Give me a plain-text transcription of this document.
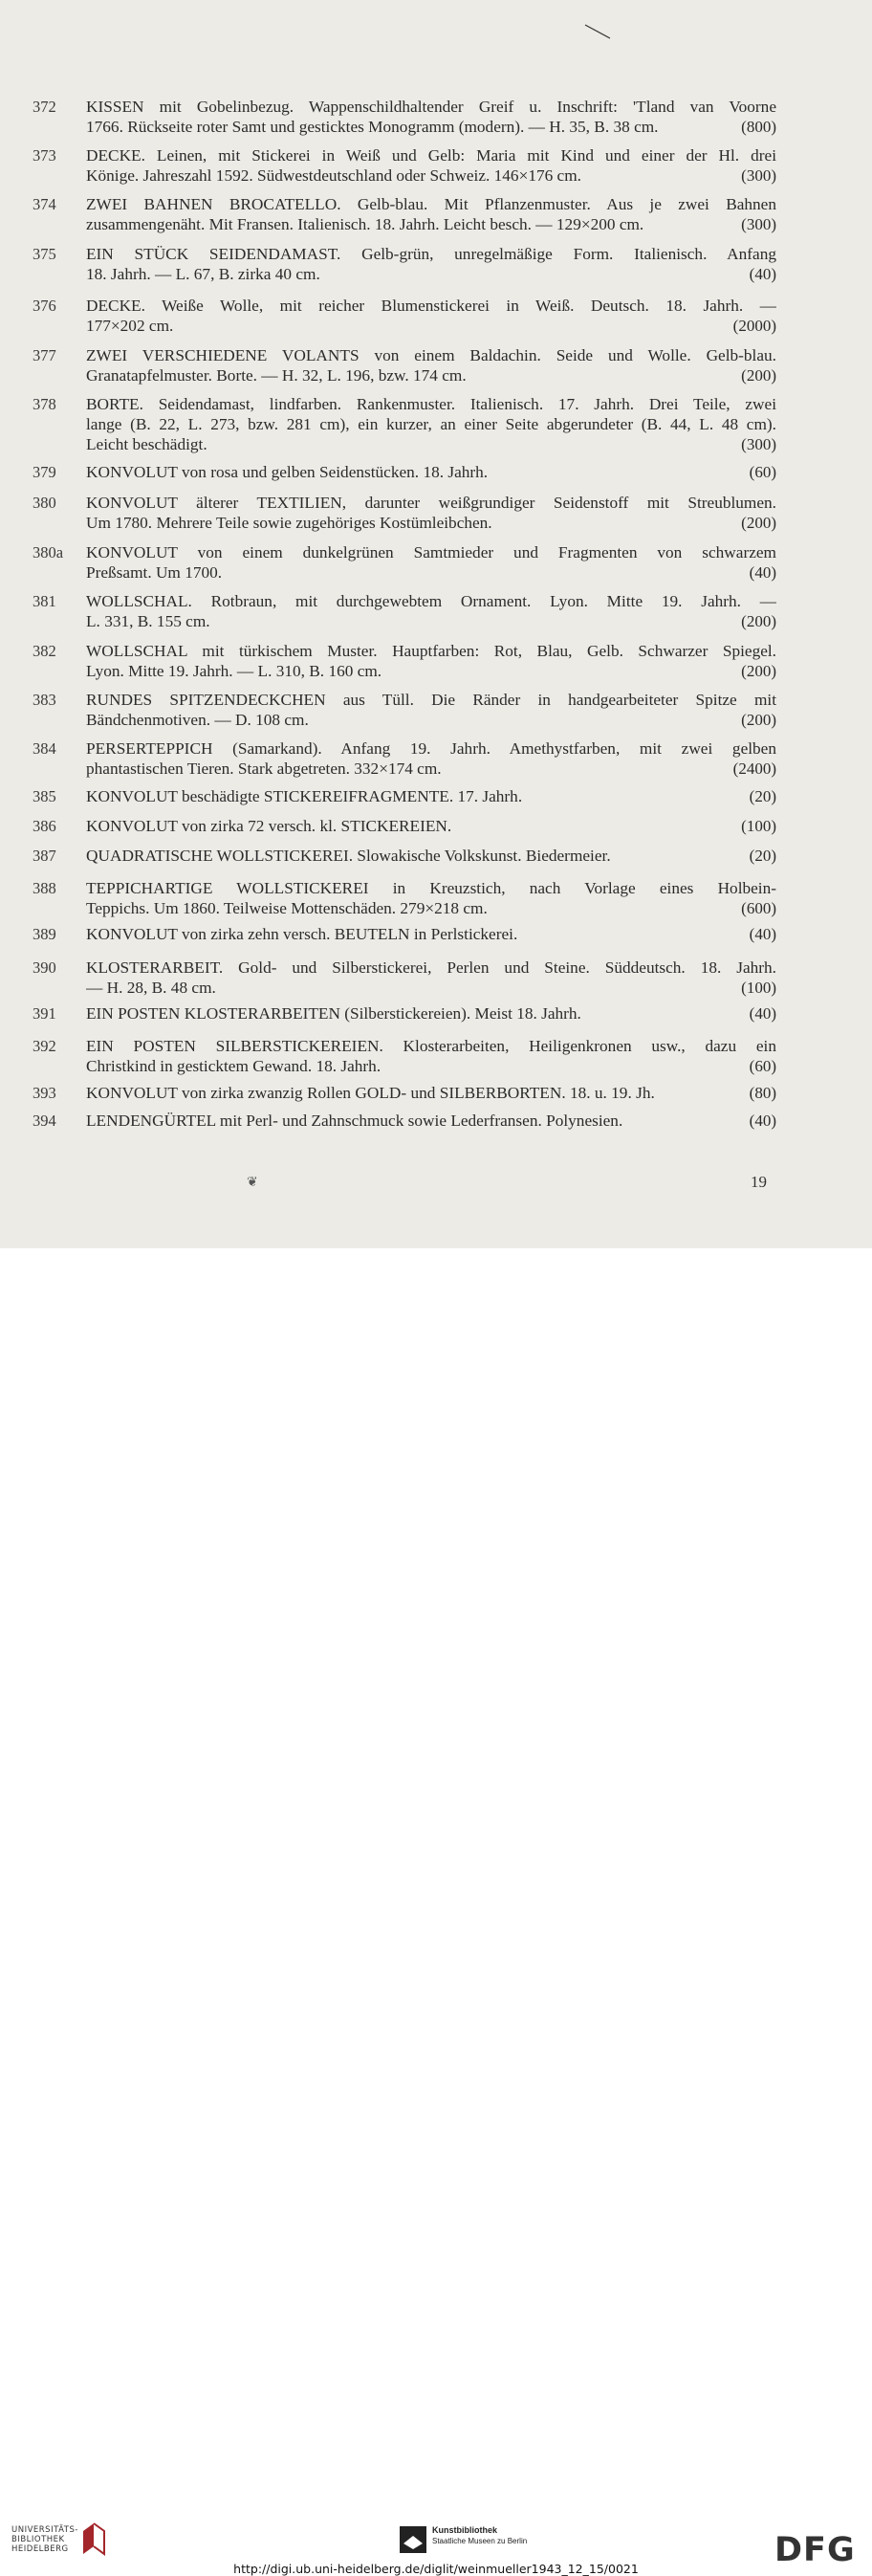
372	KISSEN mit Gobelinbezug. Wappenschildhaltender Greif u. Inschrift: 'Tland van Voorne
1766. Rückseite roter Samt und gesticktes Monogramm (modern). — H. 35, B. 38 cm.	(800)
373	DECKE. Leinen, mit Stickerei in Weiß und Gelb: Maria mit Kind und einer der Hl. drei
Könige. Jahreszahl 1592. Südwestdeutschland oder Schweiz. 146×176 cm.	(300)
374	ZWEI BAHNEN BROCATELLO. Gelb-blau. Mit Pflanzenmuster. Aus je zwei Bahnen
zusammengenäht. Mit Fransen. Italienisch. 18. Jahrh. Leicht besch. — 129×200 cm.	(300)
375	EIN STÜCK SEIDENDAMAST. Gelb-grün, unregelmäßige Form. Italienisch. Anfang
18. Jahrh. — L. 67, B. zirka 40 cm.	(40)
376	DECKE. Weiße Wolle, mit reicher Blumenstickerei in Weiß. Deutsch. 18. Jahrh. —
177×202 cm.	(2000)
377	ZWEI VERSCHIEDENE VOLANTS von einem Baldachin. Seide und Wolle. Gelb-blau.
Granatapfelmuster. Borte. — H. 32, L. 196, bzw. 174 cm.	(200)
378	BORTE. Seidendamast, lindfarben. Rankenmuster. Italienisch. 17. Jahrh. Drei Teile, zwei
lange (B. 22, L. 273, bzw. 281 cm), ein kurzer, an einer Seite abgerundeter (B. 44, L. 48 cm).
Leicht beschädigt.	(300)
379	KONVOLUT von rosa und gelben Seidenstücken. 18. Jahrh.	(60)
380	KONVOLUT älterer TEXTILIEN, darunter weißgrundiger Seidenstoff mit Streublumen.
Um 1780. Mehrere Teile sowie zugehöriges Kostümleibchen.	(200)
380a	KONVOLUT von einem dunkelgrünen Samtmieder und Fragmenten von schwarzem
Preßsamt. Um 1700.	(40)
381	WOLLSCHAL. Rotbraun, mit durchgewebtem Ornament. Lyon. Mitte 19. Jahrh. —
L. 331, B. 155 cm.	(200)
382	WOLLSCHAL mit türkischem Muster. Hauptfarben: Rot, Blau, Gelb. Schwarzer Spiegel.
Lyon. Mitte 19. Jahrh. — L. 310, B. 160 cm.	(200)
383	RUNDES SPITZENDECKCHEN aus Tüll. Die Ränder in handgearbeiteter Spitze mit
Bändchenmotiven. — D. 108 cm.	(200)
384	PERSERTEPPICH (Samarkand). Anfang 19. Jahrh. Amethystfarben, mit zwei gelben
phantastischen Tieren. Stark abgetreten. 332×174 cm.	(2400)
385	KONVOLUT beschädigte STICKEREIFRAGMENTE. 17. Jahrh.	(20)
386	KONVOLUT von zirka 72 versch. kl. STICKEREIEN.	(100)
387	QUADRATISCHE WOLLSTICKEREI. Slowakische Volkskunst. Biedermeier.	(20)
388	TEPPICHARTIGE WOLLSTICKEREI in Kreuzstich, nach Vorlage eines Holbein-
Teppichs. Um 1860. Teilweise Mottenschäden. 279×218 cm.	(600)
389	KONVOLUT von zirka zehn versch. BEUTELN in Perlstickerei.	(40)
390	KLOSTERARBEIT. Gold- und Silberstickerei, Perlen und Steine. Süddeutsch. 18. Jahrh.
— H. 28, B. 48 cm.	(100)
391	EIN POSTEN KLOSTERARBEITEN (Silberstickereien). Meist 18. Jahrh.	(40)
392	EIN POSTEN SILBERSTICKEREIEN. Klosterarbeiten, Heiligenkronen usw., dazu ein
Christkind in gesticktem Gewand. 18. Jahrh.	(60)
393	KONVOLUT von zirka zwanzig Rollen GOLD- und SILBERBORTEN. 18. u. 19. Jh.	(80)
394	LENDENGÜRTEL mit Perl- und Zahnschmuck sowie Lederfransen. Polynesien.	(40)
❦	19
UNIVERSITÄTS-
BIBLIOTHEK
HEIDELBERG
Kunstbibliothek
Staatliche Museen zu Berlin	DFG
http://digi.ub.uni-heidelberg.de/diglit/weinmueller1943_12_15/0021
